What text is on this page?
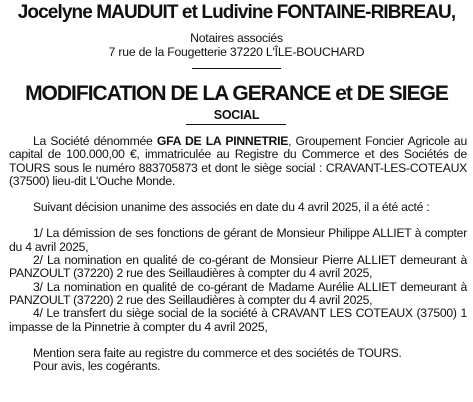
Jocelyne MAUDUIT et Ludivine FONTAINE-RIBREAU,
Notaires associés
7 rue de la Fougetterie 37220 L'ÎLE-BOUCHARD
MODIFICATION DE LA GERANCE et DE SIEGE
SOCIAL

La Société dénommée GFA DE LA PINNETRIE, Groupement Foncier Agricole au capital de 100.000,00 €, immatriculée au Registre du Commerce et des Sociétés de TOURS sous le numéro 883705873 et dont le siège social : CRAVANT-LES-COTEAUX (37500) lieu-dit L'Ouche Monde.

Suivant décision unanime des associés en date du 4 avril 2025, il a été acté :

1/ La démission de ses fonctions de gérant de Monsieur Philippe ALLIET à compter du 4 avril 2025,

2/ La nomination en qualité de co-gérant de Monsieur Pierre ALLIET demeurant à PANZOULT (37220) 2 rue des Seillaudières à compter du 4 avril 2025,

3/ La nomination en qualité de co-gérant de Madame Aurélie ALLIET demeurant à PANZOULT (37220) 2 rue des Seillaudières à compter du 4 avril 2025,

4/ Le transfert du siège social de la société à CRAVANT LES COTEAUX (37500) 1 impasse de la Pinnetrie à compter du 4 avril 2025,

Mention sera faite au registre du commerce et des sociétés de TOURS.

Pour avis, les cogérants.
